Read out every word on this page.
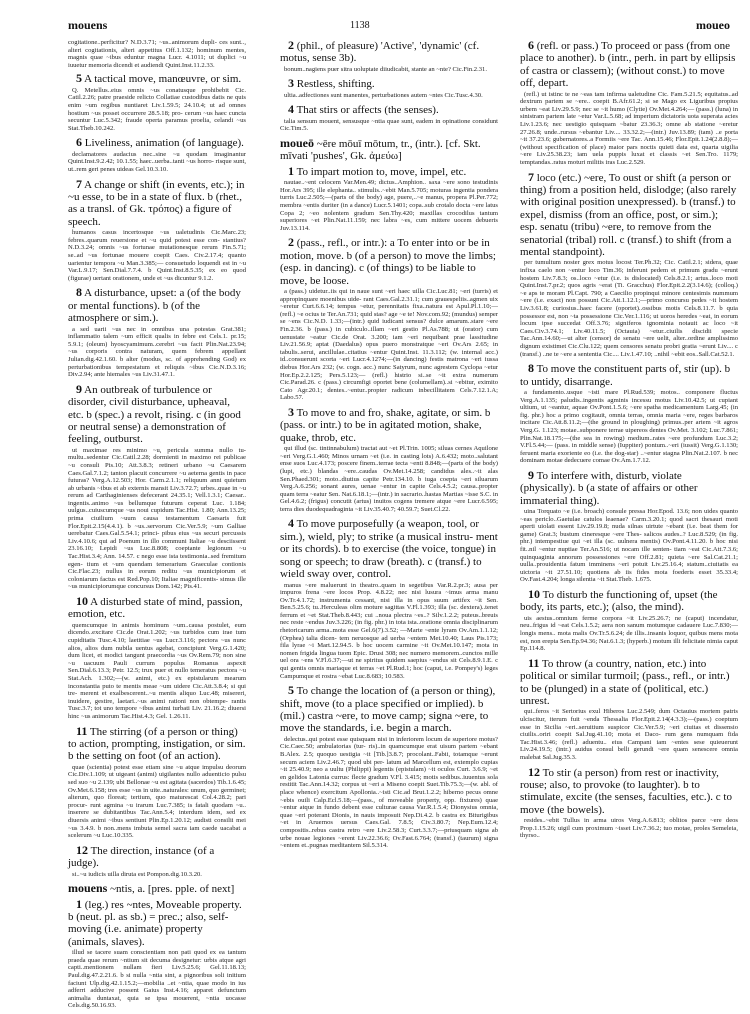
mouens	1138	moueo

cogitatione..perficitur? N.D.3.71; ~us..animorum dupli- ces sunt.., alteri cogitationis, alteri appetitus Off.1.132; hominum mentes, magnis quae ~ibus eduntur magna Lucr. 4.1011; ut duplici ~u iuuetur memoria dicendi et audiendi Quint.Inst.11.2.33.

5 A tactical move, manœuvre, or sim.

Q. Metellus..eius omnis ~us conatusque prohibebit Cic. Catil.2.26; patre praeside relicto Collatiae custodibus datis ne quis enim ~um regibus nuntiaret Liv.1.59.5; 24.10.4; ut ad omnes hostium ~us posset occurrere 28.5.18; pro- cerum ~us haec cuncta secuntur Luc.5.342; fraude operta paramus proelia, celandi ~us Stat.Theb.10.242.

6 Liveliness, animation (of language).

declamatores audacius nec..sine ~u quodam imaginantur Quint.Inst.9.2.42; 10.1.55; haec..uerba..tanti ~us horro- risque sunt, ut..rem geri penes uideas Gel.10.3.10.

7 A change or shift (in events, etc.); in ~u esse, to be in a state of flux. b (rhet., as a transl. of Gk. τρόπος) a figure of speech.

humanos casus incertosque ~us ualetudinis Cic.Marc.23; febres..quarum reuersione et ~u quid potest esse con- stantius? N.D.3.24; omnis ~us fortunae mutationesque rerum Fin.5.71; se..ad ~us fortunae mouere coepit Caes. Civ.2.17.4; quanto uarientur tempora ~u Man.3.385;— consuetudo loquendi est in ~u Var.L.9.17; Sen.Dial.7.7.4. b Quint.Inst.8.5.35; ex eo quod (figurae) uertant orationem, unde et ~us dicuntur 9.1.2.

8 A disturbance, upset: a (of the body or mental functions). b (of the atmosphere or sim.).

a sed uarii ~us nec in omnibus una potestas Grat.381; inflammatio talem ~um efficit qualis in febre est Cels.1. pr.15; 5.9.1; (oleum) hyoscyamimum..cerebri ~us facit Plin.Nat.23.94; ~us corporis contra naturam, quem febrem appellant Julian.dig.42.1.60. b alter (modus, sc. of apprehending God) ex perturbationibus tempestatum et reliquis ~ibus Cic.N.D.3.16; Div.2.94; ante hiemales ~us Liv.31.47.1.

9 An outbreak of turbulence or disorder, civil disturbance, upheaval, etc. b (spec.) a revolt, rising. c (in good or neutral sense) a demonstration of feeling, outburst.

ut maximae res minimo ~u, pericula summa nullo tu- multu..sedentur Cic.Catil.2.28; dormienti in maximo rei publicae ~u consuli Pis.10; Att.3.8.3; retineri urbano ~u Caesarem Caes.Gal.7.1.2; tanton placuit concurrere ~u aeterna gentis in pace futuras? Verg.A.12.503; Hor. Carm.2.1.1; reliquum anni quietum ab urbanis ~ibus et ab externis mansit Liv.3.72.7; urbes..quae in ~u rerum ad Carthaginienses defecerant 24.35.1; Vell.1.3.1; Caesar.. ingentis..animo ~us bellumque futurum ceperat Luc. 1.184; uulgus..cuiuscumque ~us noui cupidum Tac.Hist. 1.80; Ann.13.25; prima ciuilium ~uum causa testamentum Caesaris fuit Flor.Epit.2.15(4.4.1). b ~us..servorum Cic.Ver.5.9; ~um Galliae uerebatur Caes.Gal.5.54.1; princi- pibus eius ~us securi percussis Liv.4.10.6; qui ad Poenum in illo communi Italiae ~u desciissent 23.16.10; Lepidi ~us Luc.8.808; coeptante legionum ~u Tac.Hist.3.4; Ann. 14.57. c nego esse ista testimonia..sed fremitum egen- tium et ~um quendam temerarium Graeculae contionis Cic.Flac.23; nullus in eorum reditu ~us municipiorum et coloniarum factus est Red.Pop.10; Italiae magnificentis- simus ille ~us municipiorumque concursus Dom.142; Pis.41.

10 A disturbed state of mind, passion, emotion, etc.

quemcumque in animis hominum ~um..causa postulet, eum dicendo..excitare Cic.de Orat.1.202; ~us turbidos cum irae tum cupiditatis Tusc.4.10; laetitiae ~us Lucr.3.116; pectora ~us nunc alios, alios dum nubila uentus agebat, concipiunt Verg.G.1.420; dum licet, et modici tangunt praecordia ~us Ov.Rem.79; non sine ~u uacuum Pauli currum populus Romanus aspexit Sen.Dial.6.13.3; Petr. 12.5; trux puer et nullo temeratus pectora ~u Stat.Ach. 1.302;—(w. animi, etc.) ex epistularum mearum inconstantia puto te mentis meae ~um uidere Cic.Att.3.8.4; si qui tre- merent et exalbescerent..~u mentis aliquo Luc.48; misereri, inuidere, gestire, laetari..~us animi rationi non obtempe- rantis Tusc.3.7; tot uno tempore ~ibus animi turbati Liv. 21.16.2; diuersi hinc ~us animorum Tac.Hist.4.3; Gel. 1.26.11.

11 The stirring (of a person or thing) to action, prompting, instigation, or sim. b the setting on foot (of an action).

quae (scientia) potest esse etiam sine ~u atque impulsu deorum Cic.Div.1.109; ut uigeant (animi) uigilantes nullo aduenticio pulsu sed suo ~u 2.139; ubi Bellonae ~u est agitata (sacerdos) Tib.1.6.45; Ov.Met.6.158; tres esse ~us in uite..naturales: unum, quo germinet; alterum, quo floreat; tertium, quo maturescat Col.4.28.2; pari procur- runt agmina ~u irarum Luc.7.385; is fatali quodam ~u.. inserere se dubitantibus Tac.Ann.5.4; interdum idem, sed ex diuersis animi ~ibus sentiunt Plin.Ep.1.20.12; audisti consilii mei ~us 3.4.9. b non..mens imbuta semel sacra iam caede uacabat a scelerum ~u Luc.10.335.

12 The direction, instance (of a judge).

si..~u iudicis uilla diruta est Pompon.dig.10.3.20.

mouens ~ntis, a. [pres. pple. of next]

1 (leg.) res ~ntes, Moveable property. b (neut. pl. as sb.) = prec.; also, self-moving (i.e. animate) property (animals, slaves).

illud se tacere suam conscientiam non pati quod ex ea tantum praeda quae rerum ~ntium sit decuma designetur: urbis atque agri capti..mentionem nullam fieri Liv.5.25.6; Gel.11.18.13; Paul.dig.47.2.21.6. b si nulla ~ntia sint, a pignoribus soli initium faciunt Ulp.dig.42.1.15.2;—mobilia ..et ~ntia, quae modo in ius adferri adducive possent Gaius Inst.4.16; apparet defunctum animalia duntaxat, quia se ipsa mouerent, ~ntia uocasse Cels.dig.50.16.93.

2 (phil., of pleasure) 'Active', 'dynamic' (cf. motus, sense 3b).

bonum..nagiens puer sitra uoluptate diiudicabit, stante an ~nte? Cic.Fin.2.31.

3 Restless, shifting.

ultia..adfectiones sunt manentes, perturbationes autem ~ntes Cic.Tusc.4.30.

4 That stirs or affects (the senses).

talia sensum mouent, sensusque ~ntia quae sunt, eadem in opinatione considunt Cic.Tim.5.

moueō ~ēre mōuī mōtum, tr., (intr.). [cf. Skt. mīvati 'pushes', Gk. ἀμεύω]

1 To impart motion to, move, impel, etc.

nautae..~ent celocem Var.Men.49; dictus..Amphion.. saxa ~ere sono testudinis Hor.Ars 395; ille elephanta.. stimulis..~ebit Man.5.705; moturas ingentia pondera turris Luc.2.505;—(parts of the body) age, puere,..~e manus, propera Pl.Per.772; membra ~entis duriter (in a dance) Lucr.5.1401; copa..sub crotalo docta ~ere latus Copa 2; ~eo nolentem gradum Sen.Thy.420; maxillas crocodilus tantum superiores ~et Plin.Nat.11.159; nec labra ~es, cum mittere uocem debueris Juv.13.114.

2 (pass., refl., or intr.): a To enter into or be in motion, move. b (of a person) to move the limbs; (esp. in dancing). c (of things) to be liable to move, be loose.

a (pass.) uidetur..iis qui in naue sunt ~eri haec uilla Cic.Luc.81; ~eri (turris) et appropinquare moenibus uide- rant Caes.Gal.2.31.1; cum grauespeliis..agmen uix ~eretur Curt.6.6.14; tempus ~etur, perennitatis fixa..natura est Apul.Pl.1.10;—(refl.) ~e ocius te Ter.An.731; quid stas? age ~e te! Nov.com.92; (mundus) semper se ~ens Cic.N.D. 1.33;—(intr.) quid iudicant sensus? dulce amarum..stare ~ere Fin.2.36. b (pass.) in cubiculo..illam ~eri gestio Pl.As.788; ut (orator) cum uenustate ~eatur Cic.de Orat. 3.200; iam ~eri nequibant prae lassitudine Liv.21.56.9; aptat (Daedalus) opus puero monstratque ~eri Ov.Ars 2.65; in tabulis..serui, ancillulae..citatius ~entur Quint.Inst. 11.3.112; (w. internal acc.) id..consuerunt scorta ~eri Lucr.4.1274;—(in dancing) festis matrona ~eri iussa diebus Hor.Ars 232; (w. cogn. acc.) nunc Satyrum, nunc agrestem Cyclopa ~etur Hor.Ep.2.2.125; Pers.5.123;— (refl.) histrio si..se ~it extra numerum Cic.Parad.26. c (pass.) circumfigi oportet bene (columellam)..si ~ebitur, eximito Cato Agr.20.1; dentes..~entur..propter radicum inbecillitatem Cels.7.12.1.A; Labo.57.

3 To move to and fro, shake, agitate, or sim. b (pass. or intr.) to be in agitated motion, shake, quake, throb, etc.

qui illud (sc. tintinnabulum) tractat aut ~et Pl.Trin. 1005; siluas cernes Aquilone ~eri Verg.G.1.460; Minos urnam ~et (i.e. in casting lots) A.6.432; moto..salutant ense suos Luc.4.173; poscere finem..terrae tecta ~enti 8.848;—(parts of the body) (lupi, etc.) blandas ~ere..caudas Ov.Met.14.258; candidus ales..~it alas Sen.Phaed.301; moto..diutius capite Petr.134.10. b iuga coepta ~eri siluarum Verg.A.6.256; sonant aures, uenae ~entur in capite Cels.4.5.2; causa..propter quam terra ~eatur Sen. Nat.6.18.1;—(intr.) in sacrario..hastas Martias ~isse S.C. in Gel.4.6.2; (frigus) concutit (artus) inuitos cogens tremere atque ~ere Lucr.6.595; terra dies duodequadraginta ~it Liv.35.40.7; 40.59.7; Suet.Cl.22.

4 To move purposefully (a weapon, tool, or sim.), wield, ply; to strike (a musical instru- ment or its chords). b to exercise (the voice, tongue) in song or speech; to draw (breath). c (transf.) to wield sway over, control.

manus ~ere maluerunt in theatro..quam in segetibus Var.R.2.pr.3; ausa per impuros frena ~ere locos Prop. 4.8.22; nec nisi lusura ~imus arma manu Ov.Tr.4.1.72; instrumenta cessant, nisi illa in opus suum artifex ~it Sen. Ben.5.25.6; tu..Herculeas olim moture sagittas V.Fl.1.393; illa (sc. dextera)..tenet ferrum et ~et Stat.Theb.8.443; cui ..noua plectra ~es..? Silv.1.2.2; puteus..breuis nec reste ~endus Juv.3.226; (in fig. phr.) in tota ista..oratione omnia disciplinarum rhetoricarum arma..mota esse Gel.6(7).3.52; —Marte ~ente lyram Ov.Am.1.1.12; (Orphea) talia dicen- tem neruosque ad uerba ~entem Met.10.40; Laus Pis.173; fila lyrae ~i Mart.12.94.5. b hoc uocem carmine ~it Ov.Met.10.147; mota in nomen frigida lingua tuom Epic. Drusi 308; nec numero memorem..cunctos mille uel ora ~ens V.Fl.6.37;—ut ne spiritus quidem saepius ~endus sit Cels.8.9.1.E. c qui gentis omnis mariaque et terras ~et Pl.Rud.1; hoc (caput, i.e. Pompey's) leges Campumque et rostra ~ebat Luc.8.683; 10.583.

5 To change the location of (a person or thing), shift, move (to a place specified or implied). b (mil.) castra ~ere, to move camp; signa ~ere, to move the standards, i.e. begin a march.

delectus..qui potest esse quisquam nisi in inferiorem locum de superiore motus? Cic.Caec.50; ambulatorias (tur- ris)..in quamcumque erat uisum partem ~ebant B.Alex. 2.5; quoquo uestigia ~it [Tib.]3.8.7; procolant..Fabii, totamque ~erunt secum aciem Liv.2.46.7; quod ubi per- latum ad Marcellum est, extemplo cupias ~it 25.40.9; neo a uultu (Philippi) legentis (epistulam) ~it oculos Curt. 3.6.9; ~et en gelidos Latonia currus: flecte gradum V.Fl. 3.415; motis sedibus..iuuentus sola restitit Tac.Ann.14.32; corpus ut ~eri a Miseno coepit Suet.Tib.75.3;—(w. abl. of place whence) exercitum Apollonia..~isti Cic.ad Brut.1.2.2; hiberno pecus omne ~ebis ouili Calp.Ecl.5.18;—(pass., of moveable property, opp. fixtures) quae ~entur atque in fundo debent esse culturae causa Var.R.1.5.4; Dionysius omnia, quae ~eri poterant Dionis, in nauis imposuit Nep.Di.4.2. b castra ex Biturigibus ~et in Aruernos uersus Caes.Gal. 7.8.5; Civ.3.80.7; Nep.Eum.12.4; compositis..rebus castra retro ~ere Liv.2.58.3; Curt.3.3.7;—priusquam signa ab urbe nouae legiones ~erent Liv.22.36.6; Ov.Fast.6.764; (transf.) (taurum) signa ~entem et..pugnas meditantem Sil.5.314.

6 (refl. or pass.) To proceed or pass (from one place to another). b (intr., perh. in part by ellipsis of castra or classem); (without const.) to move off, depart.

(refl.) ut istinc te ne ~eas tam infirma ualetudine Cic. Fam.5.21.5; equitatus..ad dextrum partem se ~ere.. coepit B.Afr.61.2; si se Mago ex Liguribus propius urbem ~eat Liv.29.5.9; nec se ~it humo (Clytie) Ov.Met.4.264;— (pass.) (luna) in sinistram partem late ~etur Var.L.5.68; ad imperium dictatoris uota superata acies Liv.1.23.6; nec uestigio quisquam ~batur 23.36.3; omne ab statione ~eretur 27.26.8; unde..rursus ~ebantur Liv.... 33.32.2;—(intr.) Juv.13.89; (tam) ..e porta ~it 37.23.6; gubernatores..a Formiis ~ere Tac. Ann.15.46; Flor.Epit.1.24(2.8.8);—(without specification of place) maior pars noctis quieti data est, quarta uigilia ~ere Liv.25.38.23; iam uela puppis luxat et classis ~et Sen.Tro. 1179; temptandas..ratus moturi militis iras Luc.2.529.

7 loco (etc.) ~ere, To oust or shift (a person or thing) from a position held, dislodge; (also rarely with original position unexpressed). b (transf.) to expel, dismiss (from an office, post, or sim.); esp. senatu (tribu) ~ere, to remove from the senatorial (tribal) roll. c (transf.) to shift (from a mental standpoint).

per tumultum noster grex motus locost Ter.Ph.32; Cic. Catil.2.1; sidera, quae infixa caelo non ~entur loco Tim.36; inferunt pedem et primum gradu ~erunt hostem Liv.7.8.3; os..loco ~etur (i.e. is dislocated) Cels.8.2.1; artus..loco moti Quint.Inst.7.pr.2; quos agris ~erat (Ti. Gracchus) Flor.Epit.2.2(3.14.6); (colloq.) ~e aps te moram Pl.Capt. 790; a Caecilio propinqui minore centesimis nummum ~ere (i.e. exact) non possunt Cic.Att.1.12.1;—primo concursu pedes ~it hostem Liv.3.61.8; curiosius..haec facere (oportet)..ossibus motis Cels.8.11.7. b quia possessor est, non ~ta possessione Cic.Ver.1.116; ut uoros heredes ~eat, in eorum locum ipse succedat Off.3.76; signiferos ignominia notauit ac loco ~it Caes.Civ.3.74.1; Liv.40.11.5; (Octauia) ~etur..ciuilis discidii specie Tac.Ann.14.60;—ut alter (censor) de senatu ~ere uelit, alter..ordine amplissimo dignum existimet Cic.Clu.122; quem censores senatu probri gratia ~erunt Liv.... c (transf.) ..ne te ~ere a sententia Cic.... Liv.1.47.10; ..nihil ~ebit eos..Sall.Cat.52.1.

8 To move the constituent parts of, stir (up). b to untidy, disarrange.

a fundamento..usque ~isti mare Pl.Rud.539; motos.. componere fluctus Verg.A.1.135; paludis..ingentis agminis incessu motus Liv.10.42.5; ut cupiant ultium, ut ~eantur, aquae Ov.Pont.1.5.6; ~ere spatha medicamentum Larg.45; (in fig. phr.) hoc a primo cogitauit, omnia terras, omnia maria ~ere, reges barbaros incitare Cic.Att.8.11.2;—(the ground in ploughing) primus..per artem ~it agros Verg.G. 1.123; motae..subponere terrae uipereos dentes Ov.Met. 3.102; Luc.7.861; Plin.Nat.18.175;—(the sea in rowing) medium..rates ~ere profundum Luc.3.2; V.Fl.5.44;— (pass. in middle sense) (Iuppiter) pontum..~eri (iussit) Verg.G.1.130; feruent maria exoriente eo (i.e. the dog-star) ..~entur stagna Plin.Nat.2.107. b nec dominam motae dedecuere comae Ov.Am.1.7.12.

9 To interfere with, disturb, violate (physically). b (a state of affairs or other immaterial thing).

uina Torquato ~e (i.e. broach) consule pressa Hor.Epod. 13.6; non uides quanto ~eas periclo..Gaetulae catulos leaenae? Carm.3.20.1; quod sacri thesauri moti aperti uiolati essent Liv.29.19.8; nuda silnas uirtute ~ebant (i.e. beat them for game) Grat.3; bustum cineresque ~ere Thes- salicos audes..? Luc.8.529; (in fig. phr.) intempestiue qui ~et illa (sc. uulnera mentis) Ov.Pont.4.11.20. b hoc nisi fit..nil ~entur nuptiae Ter.An.516; ut nocam ille senten- tiam ~eat Cic.Att.7.3.6; quinquaginta annorum possessiones ~ere Off.2.81; quieta ~ere Sal.Cat.21.1; uulla..prouidentia fatum imminens ~eri potuit Liv.25.16.4; statum..ciuitatis ea uictoria ~it 27.51.10; quotiens ab iis fides mota foederis esset 35.33.4; Ov.Fast.4.204; longa silentia ~it Stat.Theb. 1.675.

10 To disturb the functioning of, upset (the body, its parts, etc.); (also, the mind).

uis aestus..omnium ferme corpora ~it Liv.25.26.7; ne (caput) incendatur, neu..frigus id ~eat Cels.1.5.2; aera non sanum motumque cadauere Luc.7.830;—longis mens.. mota malis Ov.Tr.5.6.24; de illis..insanis loquor, quibus mens mota est, non erepta Sen.Ep.94.36; Nat.6.1.3; (hyperb.) motum illi felicitate nimia caput Ep.114.8.

11 To throw (a country, nation, etc.) into political or similar turmoil; (pass., refl., or intr.) to be (plunged) in a state of (political, etc.) unrest.

qui..feros ~it Sertorius exul Hiberos Luc.2.549; dum Octauius mortem patris ulciscitur, iterum fuit ~enda Thessalia Flor.Epit.2.14(4.3.3);—(pass.) coeptum esse in Sicilia ~eri..seruitium suspicor Cic.Ver.5.9; ~eri ciuitas et dissensio ciuilis..oriri coepit Sal.Jug.41.10; mota et Daco- rum gens numquam fida Tac.Hist.3.46; (refl.) aduentu.. eius Campani iam ~entes sese quieuerunt Liv.24.19.5; (intr.) auidus consul belli gerundi ~ere quam senescere omnia malebat Sal.Jug.35.3.

12 To stir (a person) from rest or inactivity, rouse; also, to provoke (to laughter). b to stimulate, excite (the senses, faculties, etc.). c to move (the bowels).

resides..~ebit Tullus in arma uiros Verg.A.6.813; oblitos parce ~ere deos Prop.1.15.26; uigil cum proximum ~isset Liv.7.36.2; tuo motae, proles Semeleia, thyrso..
